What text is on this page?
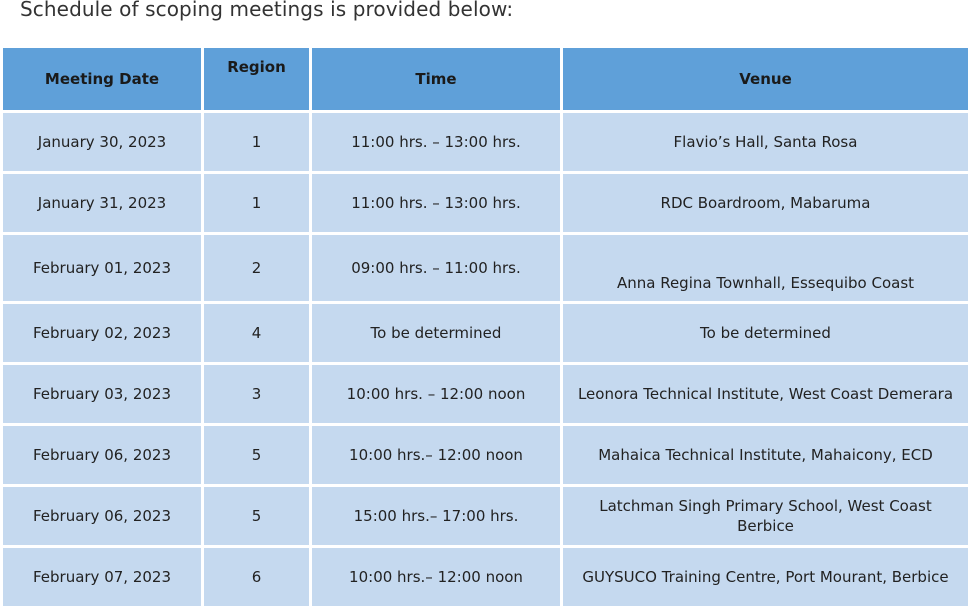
Schedule of scoping meetings is provided below:

Meeting Date	Region	Time	Venue
January 30, 2023	1	11:00 hrs. – 13:00 hrs.	Flavio’s Hall, Santa Rosa
January 31, 2023	1	11:00 hrs. – 13:00 hrs.	RDC Boardroom, Mabaruma
February 01, 2023	2	09:00 hrs. – 11:00 hrs.	Anna Regina Townhall, Essequibo Coast
February 02, 2023	4	To be determined	To be determined
February 03, 2023	3	10:00 hrs. – 12:00 noon	Leonora Technical Institute, West Coast Demerara
February 06, 2023	5	10:00 hrs.– 12:00 noon	Mahaica Technical Institute, Mahaicony, ECD
February 06, 2023	5	15:00 hrs.– 17:00 hrs.	Latchman Singh Primary School, West Coast Berbice
February 07, 2023	6	10:00 hrs.– 12:00 noon	GUYSUCO Training Centre, Port Mourant, Berbice
